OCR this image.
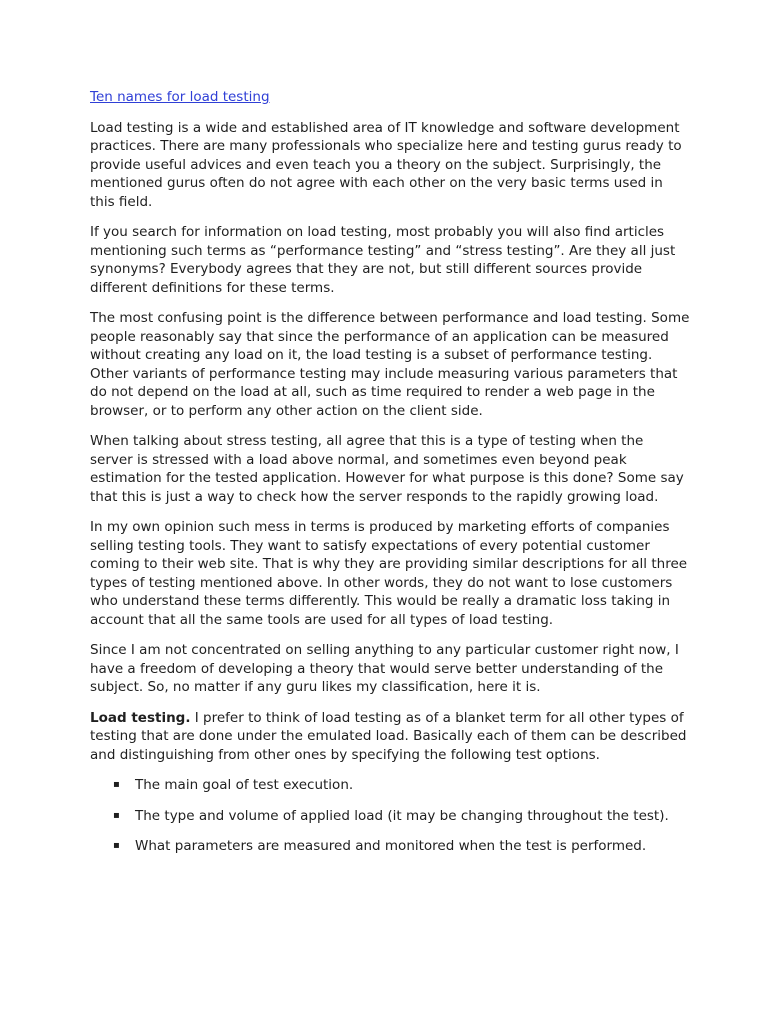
Ten names for load testing

Load testing is a wide and established area of IT knowledge and software development practices. There are many professionals who specialize here and testing gurus ready to provide useful advices and even teach you a theory on the subject. Surprisingly, the mentioned gurus often do not agree with each other on the very basic terms used in this field.

If you search for information on load testing, most probably you will also find articles mentioning such terms as “performance testing” and “stress testing”. Are they all just synonyms? Everybody agrees that they are not, but still different sources provide different definitions for these terms.

The most confusing point is the difference between performance and load testing. Some people reasonably say that since the performance of an application can be measured without creating any load on it, the load testing is a subset of performance testing. Other variants of performance testing may include measuring various parameters that do not depend on the load at all, such as time required to render a web page in the browser, or to perform any other action on the client side.

When talking about stress testing, all agree that this is a type of testing when the server is stressed with a load above normal, and sometimes even beyond peak estimation for the tested application. However for what purpose is this done? Some say that this is just a way to check how the server responds to the rapidly growing load.

In my own opinion such mess in terms is produced by marketing efforts of companies selling testing tools. They want to satisfy expectations of every potential customer coming to their web site. That is why they are providing similar descriptions for all three types of testing mentioned above. In other words, they do not want to lose customers who understand these terms differently. This would be really a dramatic loss taking in account that all the same tools are used for all types of load testing.

Since I am not concentrated on selling anything to any particular customer right now, I have a freedom of developing a theory that would serve better understanding of the subject. So, no matter if any guru likes my classification, here it is.

Load testing. I prefer to think of load testing as of a blanket term for all other types of testing that are done under the emulated load. Basically each of them can be described and distinguishing from other ones by specifying the following test options.

▪ The main goal of test execution.
▪ The type and volume of applied load (it may be changing throughout the test).
▪ What parameters are measured and monitored when the test is performed.
